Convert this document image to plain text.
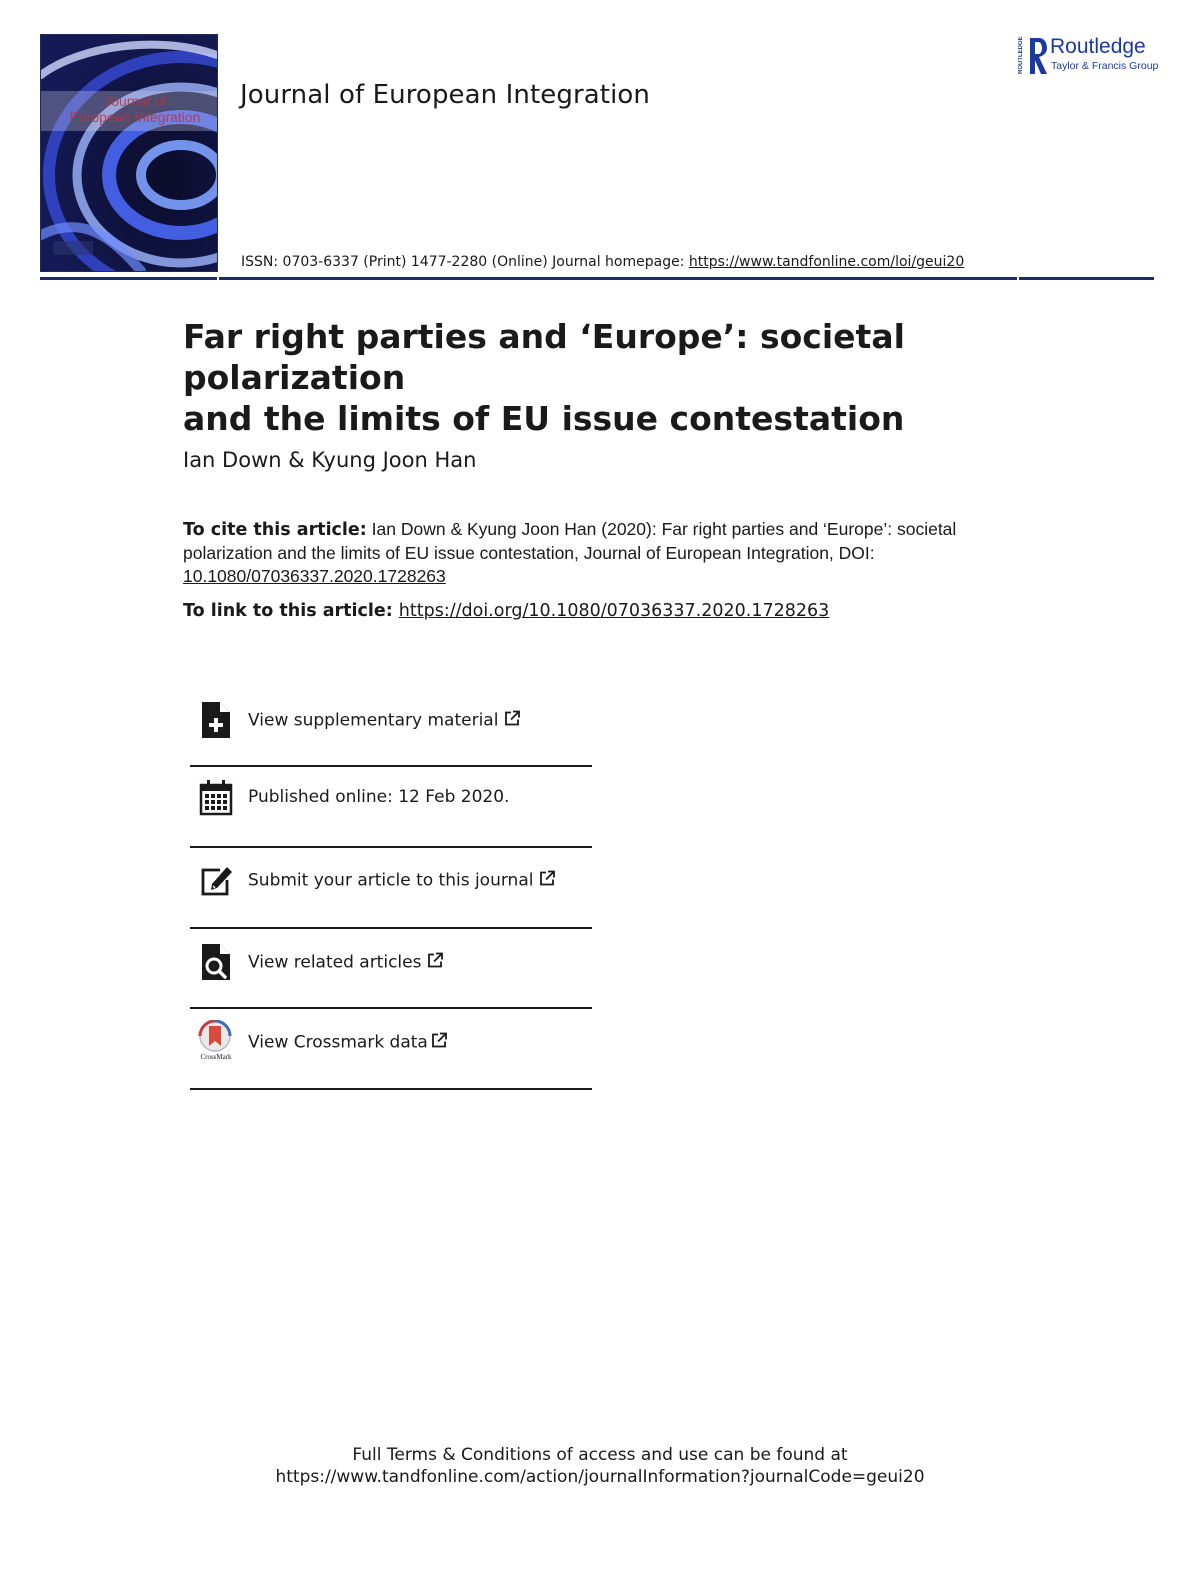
Journal of
European Integration
Journal of European Integration
ROUTLEDGE Routledge
Taylor & Francis Group
ISSN: 0703-6337 (Print) 1477-2280 (Online) Journal homepage: https://www.tandfonline.com/loi/geui20
Far right parties and ‘Europe’: societal polarization
and the limits of EU issue contestation
Ian Down & Kyung Joon Han
To cite this article: Ian Down & Kyung Joon Han (2020): Far right parties and ‘Europe’: societal polarization and the limits of EU issue contestation, Journal of European Integration, DOI: 10.1080/07036337.2020.1728263
To link to this article: https://doi.org/10.1080/07036337.2020.1728263
View supplementary material
Published online: 12 Feb 2020.
Submit your article to this journal
View related articles
CrossMark
View Crossmark data
Full Terms & Conditions of access and use can be found at
https://www.tandfonline.com/action/journalInformation?journalCode=geui20
